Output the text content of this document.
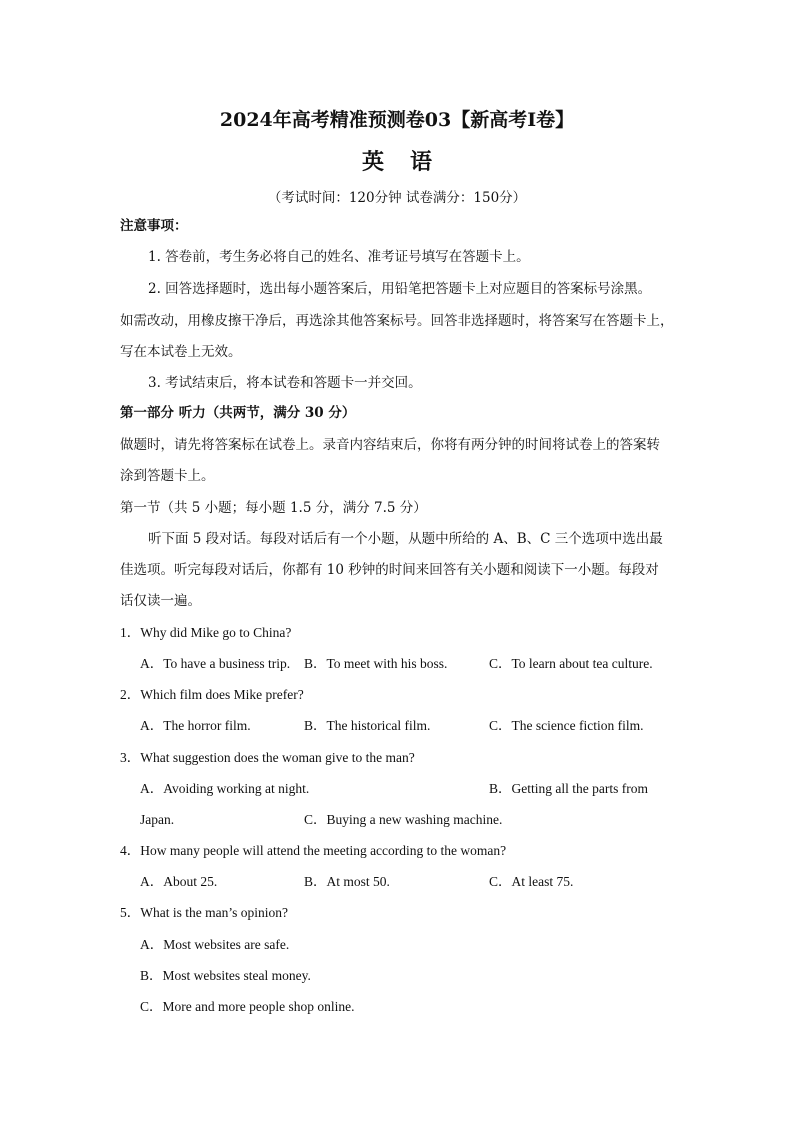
2024年高考精准预测卷03【新高考I卷】
英 语
（考试时间：120分钟 试卷满分：150分）
注意事项：
1. 答卷前，考生务必将自己的姓名、准考证号填写在答题卡上。
2. 回答选择题时，选出每小题答案后，用铅笔把答题卡上对应题目的答案标号涂黑。
如需改动，用橡皮擦干净后，再选涂其他答案标号。回答非选择题时，将答案写在答题卡上，
写在本试卷上无效。
3. 考试结束后，将本试卷和答题卡一并交回。
第一部分 听力（共两节，满分 30 分）
做题时，请先将答案标在试卷上。录音内容结束后，你将有两分钟的时间将试卷上的答案转
涂到答题卡上。
第一节（共 5 小题；每小题 1.5 分，满分 7.5 分）
听下面 5 段对话。每段对话后有一个小题，从题中所给的 A、B、C 三个选项中选出最
佳选项。听完每段对话后，你都有 10 秒钟的时间来回答有关小题和阅读下一小题。每段对
话仅读一遍。
1．Why did Mike go to China?
A．To have a business trip. B．To meet with his boss.	C．To learn about tea culture.
2．Which film does Mike prefer?
A．The horror film.	B．The historical film.	C．The science fiction film.
3．What suggestion does the woman give to the man?
A．Avoiding working at night.	B．Getting all the parts from
Japan.	C．Buying a new washing machine.
4．How many people will attend the meeting according to the woman?
A．About 25.	B．At most 50.	C．At least 75.
5．What is the man’s opinion?
A．Most websites are safe.
B．Most websites steal money.
C．More and more people shop online.
